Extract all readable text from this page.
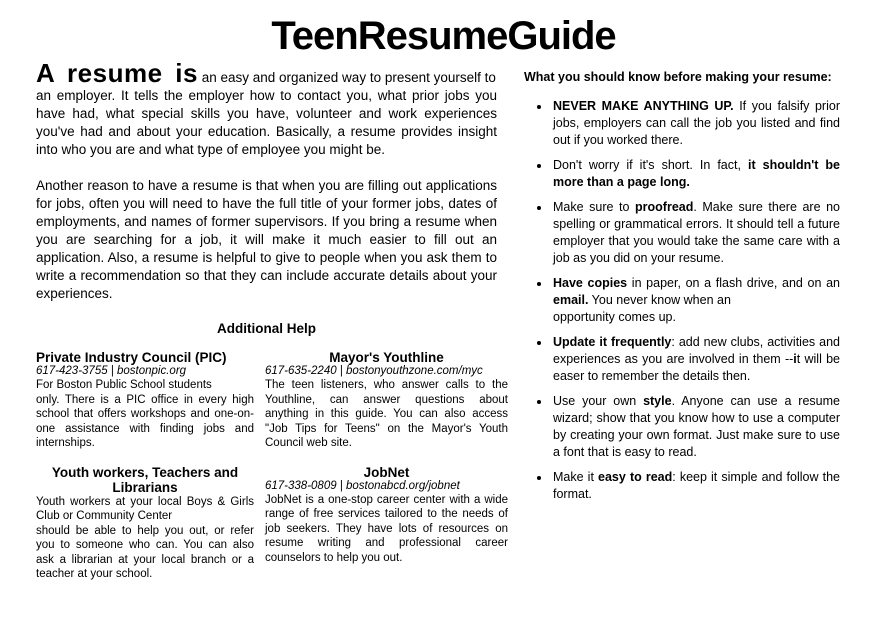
TeenResumeGuide

A resume is an easy and organized way to present yourself to
an employer. It tells the employer how to contact you, what prior jobs you have had, what special skills you have, volunteer and work experiences you've had and about your education. Basically, a resume provides insight into who you are and what type of employee you might be.

Another reason to have a resume is that when you are filling out applications for jobs, often you will need to have the full title of your former jobs, dates of employments, and names of former supervisors. If you bring a resume when you are searching for a job, it will make it much easier to fill out an application. Also, a resume is helpful to give to people when you ask them to write a recommendation so that they can include accurate details about your experiences.

Additional Help
Private Industry Council (PIC)

617-423-3755 | bostonpic.org

For Boston Public School students
only. There is a PIC office in every high school that offers workshops and one-on-one assistance with finding jobs and internships.

Mayor's Youthline

617-635-2240 | bostonyouthzone.com/myc

The teen listeners, who answer calls to the Youthline, can answer questions about anything in this guide. You can also access "Job Tips for Teens" on the Mayor's Youth Council web site.

Youth workers, Teachers and Librarians

Youth workers at your local Boys & Girls Club or Community Center
should be able to help you out, or refer you to someone who can. You can also ask a librarian at your local branch or a teacher at your school.

JobNet

617-338-0809 | bostonabcd.org/jobnet

JobNet is a one-stop career center with a wide range of free services tailored to the needs of job seekers. They have lots of resources on resume writing and professional career counselors to help you out.

What you should know before making your resume:
• NEVER MAKE ANYTHING UP. If you falsify prior jobs, employers can call the job you listed and find out if you worked there.
• Don't worry if it's short. In fact, it shouldn't be more than a page long.
• Make sure to proofread. Make sure there are no spelling or grammatical errors. It should tell a future employer that you would take the same care with a job as you did on your resume.
• Have copies in paper, on a flash drive, and on an email. You never know when an
opportunity comes up.
• Update it frequently: add new clubs, activities and experiences as you are involved in them --it will be easer to remember the details then.
• Use your own style. Anyone can use a resume wizard; show that you know how to use a computer by creating your own format. Just make sure to use a font that is easy to read.
• Make it easy to read: keep it simple and follow the format.
